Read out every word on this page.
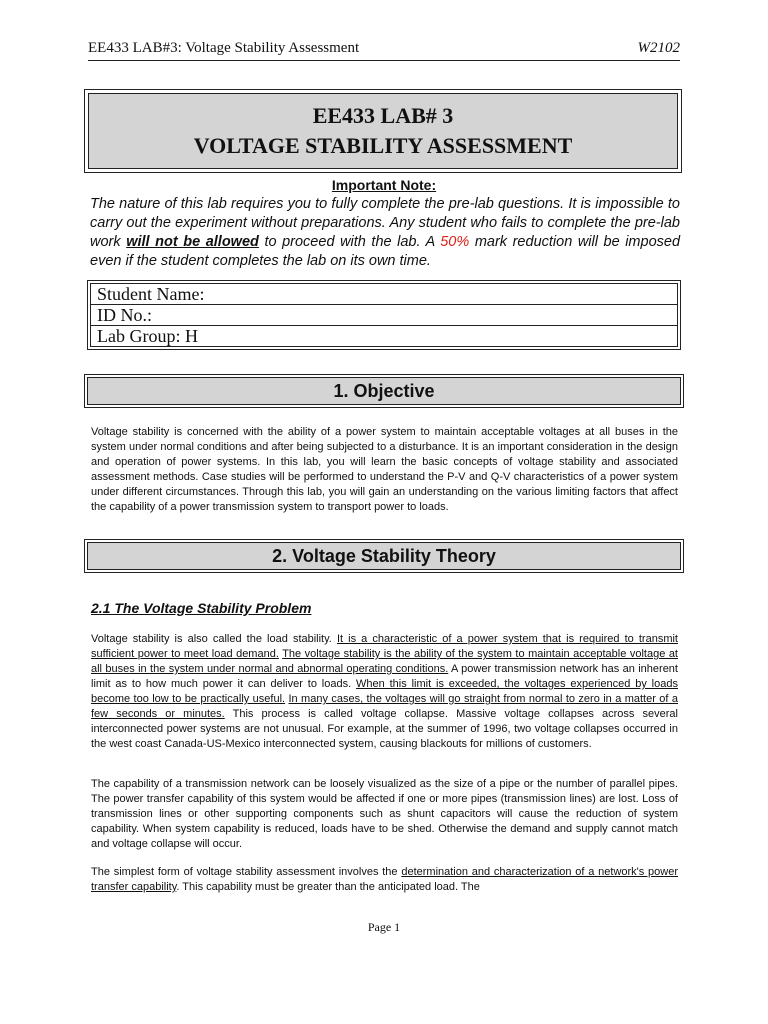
EE433 LAB#3: Voltage Stability Assessment	W2102
EE433 LAB# 3
VOLTAGE STABILITY ASSESSMENT
Important Note:
The nature of this lab requires you to fully complete the pre-lab questions. It is impossible to carry out the experiment without preparations. Any student who fails to complete the pre-lab work will not be allowed to proceed with the lab. A 50% mark reduction will be imposed even if the student completes the lab on its own time.
Student Name:
ID No.:
Lab Group: H
1. Objective
Voltage stability is concerned with the ability of a power system to maintain acceptable voltages at all buses in the system under normal conditions and after being subjected to a disturbance. It is an important consideration in the design and operation of power systems. In this lab, you will learn the basic concepts of voltage stability and associated assessment methods. Case studies will be performed to understand the P-V and Q-V characteristics of a power system under different circumstances. Through this lab, you will gain an understanding on the various limiting factors that affect the capability of a power transmission system to transport power to loads.
2. Voltage Stability Theory
2.1 The Voltage Stability Problem
Voltage stability is also called the load stability. It is a characteristic of a power system that is required to transmit sufficient power to meet load demand. The voltage stability is the ability of the system to maintain acceptable voltage at all buses in the system under normal and abnormal operating conditions. A power transmission network has an inherent limit as to how much power it can deliver to loads. When this limit is exceeded, the voltages experienced by loads become too low to be practically useful. In many cases, the voltages will go straight from normal to zero in a matter of a few seconds or minutes. This process is called voltage collapse. Massive voltage collapses across several interconnected power systems are not unusual. For example, at the summer of 1996, two voltage collapses occurred in the west coast Canada-US-Mexico interconnected system, causing blackouts for millions of customers.
The capability of a transmission network can be loosely visualized as the size of a pipe or the number of parallel pipes. The power transfer capability of this system would be affected if one or more pipes (transmission lines) are lost. Loss of transmission lines or other supporting components such as shunt capacitors will cause the reduction of system capability. When system capability is reduced, loads have to be shed. Otherwise the demand and supply cannot match and voltage collapse will occur.
The simplest form of voltage stability assessment involves the determination and characterization of a network's power transfer capability. This capability must be greater than the anticipated load. The
Page 1
